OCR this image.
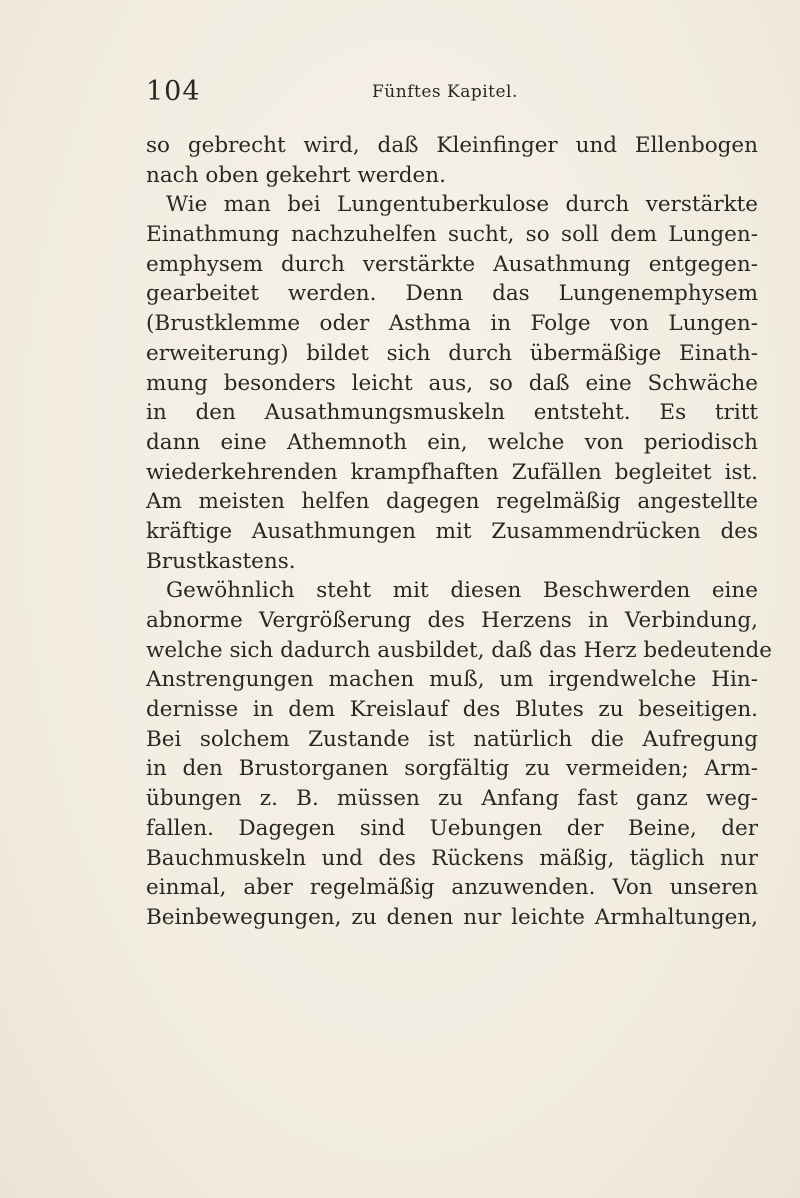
104	Fünftes Kapitel.
so gebrecht wird, daß Kleinfinger und Ellenbogen
nach oben gekehrt werden.
Wie man bei Lungentuberkulose durch verstärkte
Einathmung nachzuhelfen sucht, so soll dem Lungen-
emphysem durch verstärkte Ausathmung entgegen-
gearbeitet werden. Denn das Lungenemphysem
(Brustklemme oder Asthma in Folge von Lungen-
erweiterung) bildet sich durch übermäßige Einath-
mung besonders leicht aus, so daß eine Schwäche
in den Ausathmungsmuskeln entsteht. Es tritt
dann eine Athemnoth ein, welche von periodisch
wiederkehrenden krampfhaften Zufällen begleitet ist.
Am meisten helfen dagegen regelmäßig angestellte
kräftige Ausathmungen mit Zusammendrücken des
Brustkastens.
Gewöhnlich steht mit diesen Beschwerden eine
abnorme Vergrößerung des Herzens in Verbindung,
welche sich dadurch ausbildet, daß das Herz bedeutende
Anstrengungen machen muß, um irgendwelche Hin-
dernisse in dem Kreislauf des Blutes zu beseitigen.
Bei solchem Zustande ist natürlich die Aufregung
in den Brustorganen sorgfältig zu vermeiden; Arm-
übungen z. B. müssen zu Anfang fast ganz weg-
fallen. Dagegen sind Uebungen der Beine, der
Bauchmuskeln und des Rückens mäßig, täglich nur
einmal, aber regelmäßig anzuwenden. Von unseren
Beinbewegungen, zu denen nur leichte Armhaltungen,
